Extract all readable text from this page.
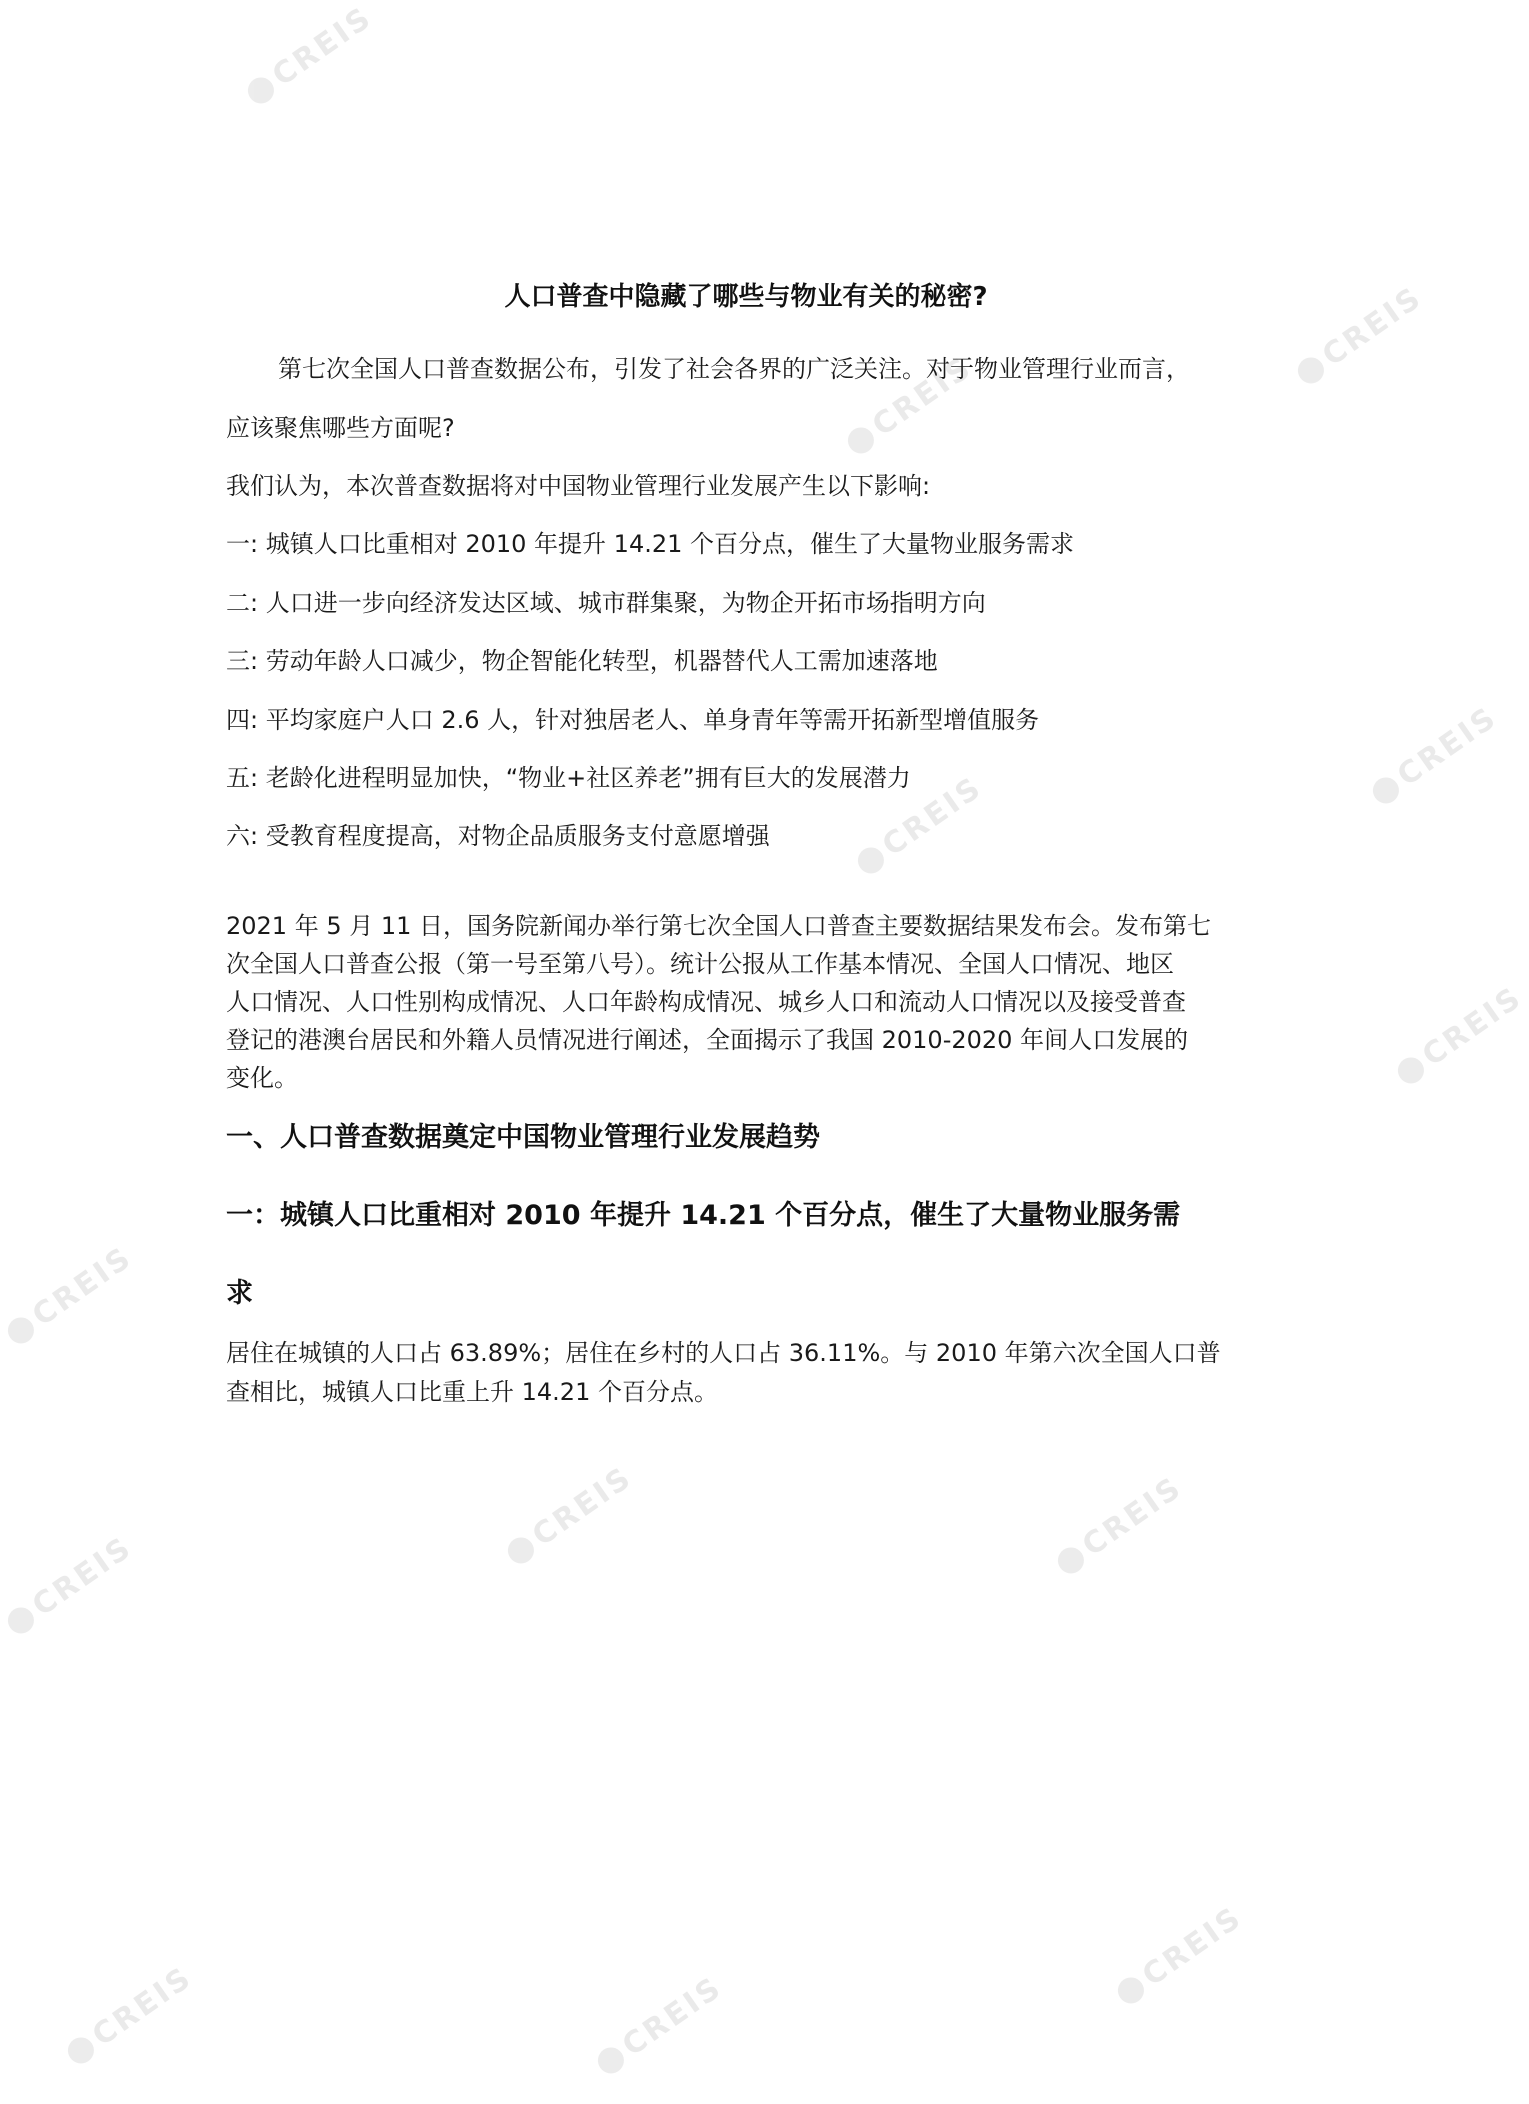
CREIS
CREIS
CREIS
CREIS
CREIS
CREIS
CREIS
CREIS	CREIS
CREIS
CREIS
CREIS	CREIS
人口普查中隐藏了哪些与物业有关的秘密?
第七次全国人口普查数据公布，引发了社会各界的广泛关注。对于物业管理行业而言，
应该聚焦哪些方面呢?
我们认为，本次普查数据将对中国物业管理行业发展产生以下影响:
一: 城镇人口比重相对 2010 年提升 14.21 个百分点，催生了大量物业服务需求
二: 人口进一步向经济发达区域、城市群集聚，为物企开拓市场指明方向
三: 劳动年龄人口减少，物企智能化转型，机器替代人工需加速落地
四: 平均家庭户人口 2.6 人，针对独居老人、单身青年等需开拓新型增值服务
五: 老龄化进程明显加快，“物业+社区养老”拥有巨大的发展潜力
六: 受教育程度提高，对物企品质服务支付意愿增强
2021 年 5 月 11 日，国务院新闻办举行第七次全国人口普查主要数据结果发布会。发布第七
次全国人口普查公报（第一号至第八号）。统计公报从工作基本情况、全国人口情况、地区
人口情况、人口性别构成情况、人口年龄构成情况、城乡人口和流动人口情况以及接受普查
登记的港澳台居民和外籍人员情况进行阐述，全面揭示了我国 2010-2020 年间人口发展的
变化。
一、人口普查数据奠定中国物业管理行业发展趋势
一：城镇人口比重相对 2010 年提升 14.21 个百分点，催生了大量物业服务需
求
居住在城镇的人口占 63.89%；居住在乡村的人口占 36.11%。与 2010 年第六次全国人口普
查相比，城镇人口比重上升 14.21 个百分点。
